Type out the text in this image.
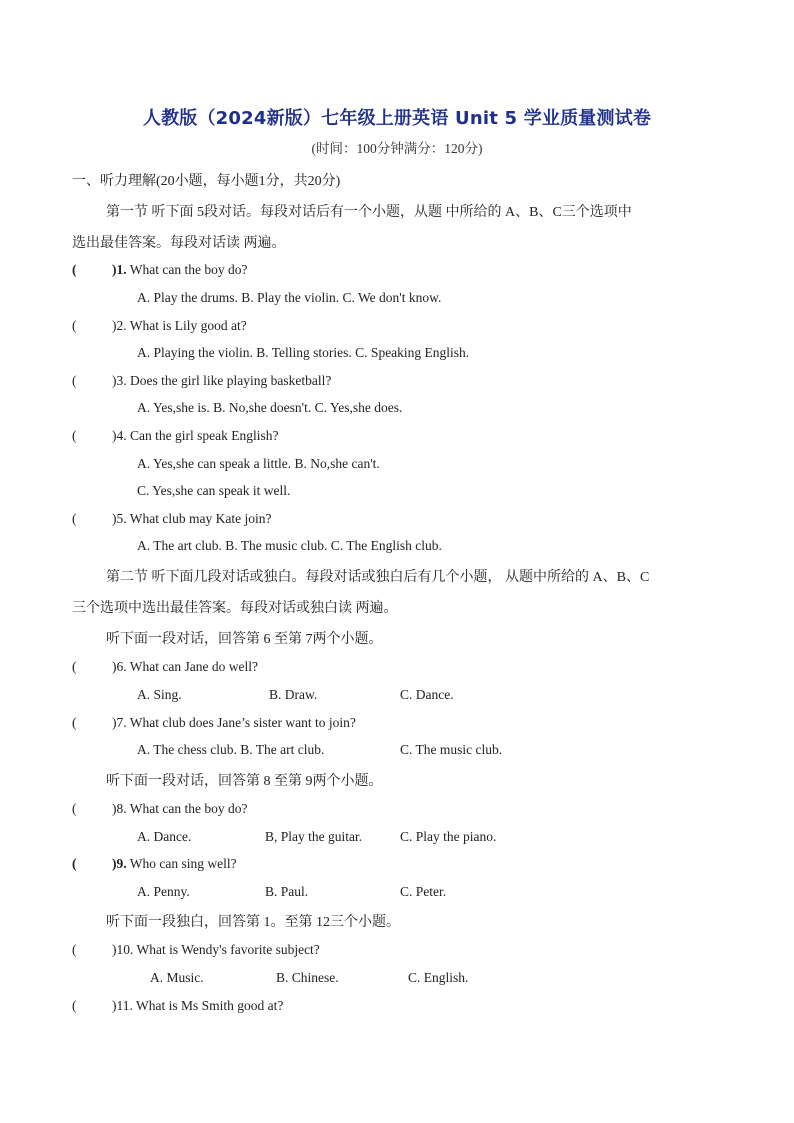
人教版（2024新版）七年级上册英语 Unit 5 学业质量测试卷
(时间：100分钟满分：120分)
一、听力理解(20小题，每小题1分，共20分)
第一节 听下面 5段对话。每段对话后有一个小题，从题 中所给的 A、B、C三个选项中
选出最佳答案。每段对话读 两遍。
(	)1. What can the boy do?
A. Play the drums. B. Play the violin. C. We don't know.
(	)2. What is Lily good at?
A. Playing the violin. B. Telling stories. C. Speaking English.
(	)3. Does the girl like playing basketball?
A. Yes,she is. B. No,she doesn't. C. Yes,she does.
(	)4. Can the girl speak English?
A. Yes,she can speak a little. B. No,she can't.
C. Yes,she can speak it well.
(	)5. What club may Kate join?
A. The art club. B. The music club. C. The English club.
第二节 听下面几段对话或独白。每段对话或独白后有几个小题， 从题中所给的 A、B、C
三个选项中选出最佳答案。每段对话或独白读 两遍。
听下面一段对话，回答第 6 至第 7两个小题。
(	)6. What can Jane do well?
A. Sing.	B. Draw.	C. Dance.
(	)7. What club does Jane’s sister want to join?
A. The chess club. B. The art club.	C. The music club.
听下面一段对话，回答第 8 至第 9两个小题。
(	)8. What can the boy do?
A. Dance.	B, Play the guitar.	C. Play the piano.
(	)9. Who can sing well?
A. Penny.	B. Paul.	C. Peter.
听下面一段独白，回答第 1。至第 12三个小题。
(	)10. What is Wendy's favorite subject?
A. Music.	B. Chinese.	C. English.
(	)11. What is Ms Smith good at?
